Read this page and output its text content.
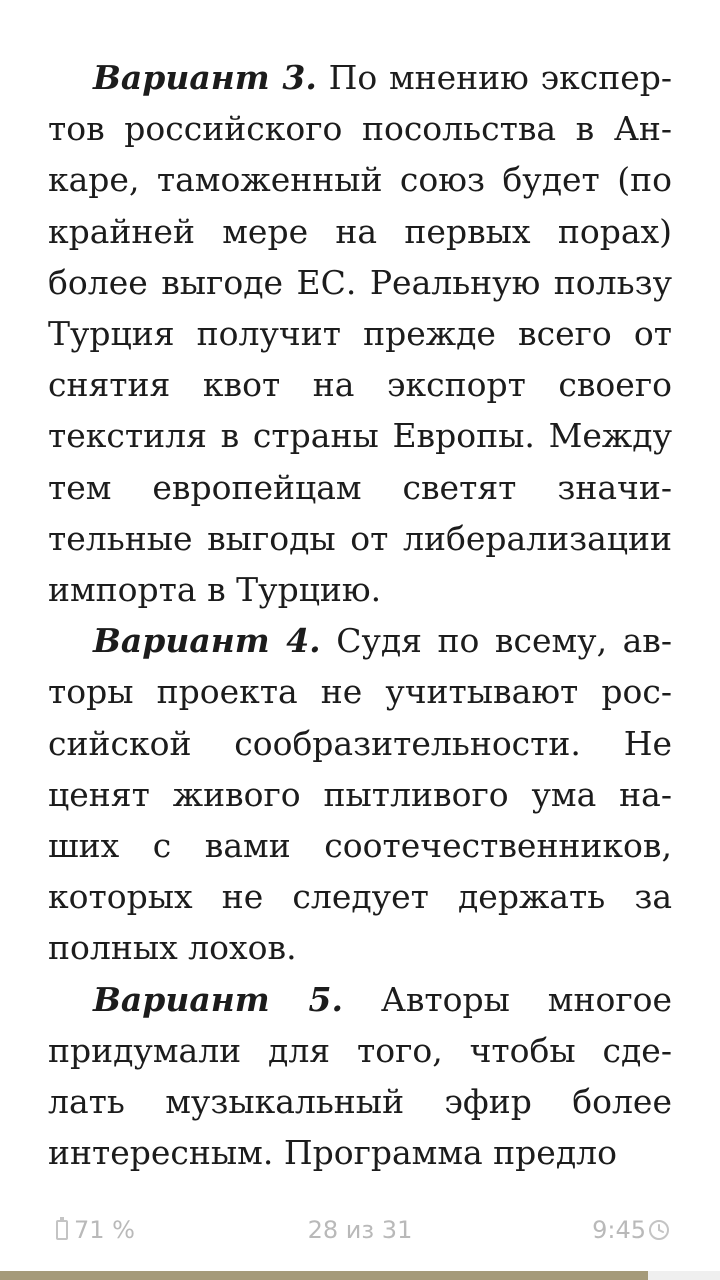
Вариант 3. По мнению экспертов российского посольства в Анкаре, таможенный союз будет (по крайней мере на первых порах) более выгоде ЕС. Реальную пользу Турция получит прежде всего от снятия квот на экспорт своего текстиля в страны Европы. Между тем европейцам светят значительные выгоды от либерализации импорта в Турцию.

Вариант 4. Судя по всему, авторы проекта не учитывают российской сообразительности. Не ценят живого пытливого ума наших с вами соотечественников, которых не следует держать за полных лохов.

Вариант 5. Авторы многое придумали для того, чтобы сделать музыкальный эфир более интересным. Программа предло

71 %	28 из 31	9:45
